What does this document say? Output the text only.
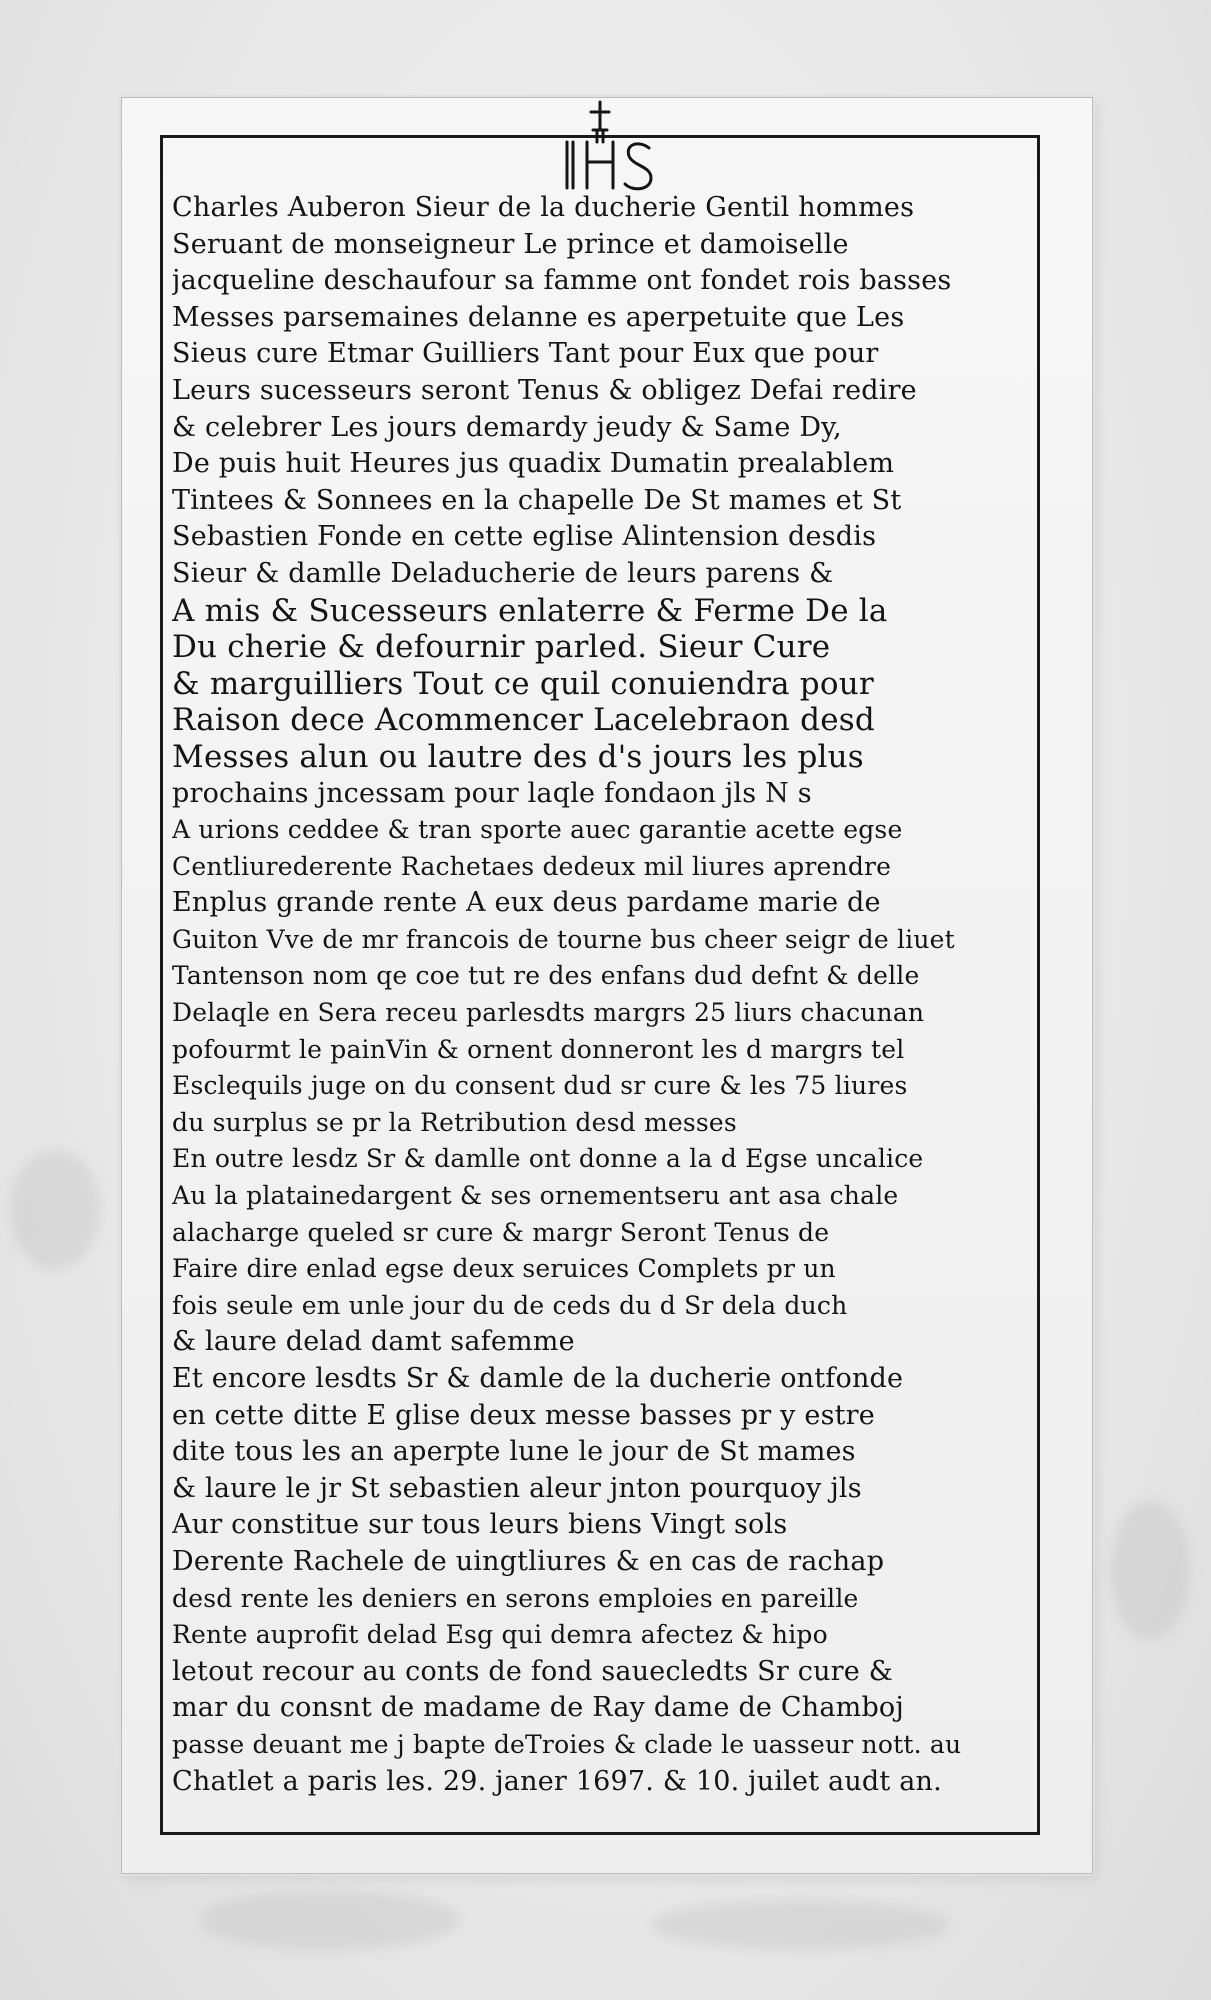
Charles Auberon Sieur de la ducherie Gentil hommes
Seruant de monseigneur Le prince et damoiselle
jacqueline deschaufour sa famme ont fondet rois basses
Messes parsemaines delanne es aperpetuite que Les
Sieus cure Etmar Guilliers Tant pour Eux que pour
Leurs sucesseurs seront Tenus & obligez Defai redire
& celebrer Les jours demardy jeudy & Same Dy,
De puis huit Heures jus quadix Dumatin prealablem
Tintees & Sonnees en la chapelle De St mames et St
Sebastien Fonde en cette eglise Alintension desdis
Sieur & damlle Deladucherie de leurs parens &
A mis & Sucesseurs enlaterre & Ferme De la
Du cherie & defournir parled. Sieur Cure
& marguilliers Tout ce quil conuiendra pour
Raison dece Acommencer Lacelebraon desd
Messes alun ou lautre des d's jours les plus
prochains jncessam pour laqle fondaon jls N s
A urions ceddee & tran sporte auec garantie acette egse
Centliurederente Rachetaes dedeux mil liures aprendre
Enplus grande rente A eux deus pardame marie de
Guiton Vve de mr francois de tourne bus cheer seigr de liuet
Tantenson nom qe coe tut re des enfans dud defnt & delle
Delaqle en Sera receu parlesdts margrs 25 liurs chacunan
pofourmt le painVin & ornent donneront les d margrs tel
Esclequils juge on du consent dud sr cure & les 75 liures
du surplus se pr la Retribution desd messes
En outre lesdz Sr & damlle ont donne a la d Egse uncalice
Au la platainedargent & ses ornementseru ant asa chale
alacharge queled sr cure & margr Seront Tenus de
Faire dire enlad egse deux seruices Complets pr un
fois seule em unle jour du de ceds du d Sr dela duch
& laure delad damt safemme
Et encore lesdts Sr & damle de la ducherie ontfonde
en cette ditte E glise deux messe basses pr y estre
dite tous les an aperpte lune le jour de St mames
& laure le jr St sebastien aleur jnton pourquoy jls
Aur constitue sur tous leurs biens Vingt sols
Derente Rachele de uingtliures & en cas de rachap
desd rente les deniers en serons emploies en pareille
Rente auprofit delad Esg qui demra afectez & hipo
letout recour au conts de fond sauecledts Sr cure &
mar du consnt de madame de Ray dame de Chamboj
passe deuant me j bapte deTroies & clade le uasseur nott. au
Chatlet a paris les. 29. janer 1697. & 10. juilet audt an.
